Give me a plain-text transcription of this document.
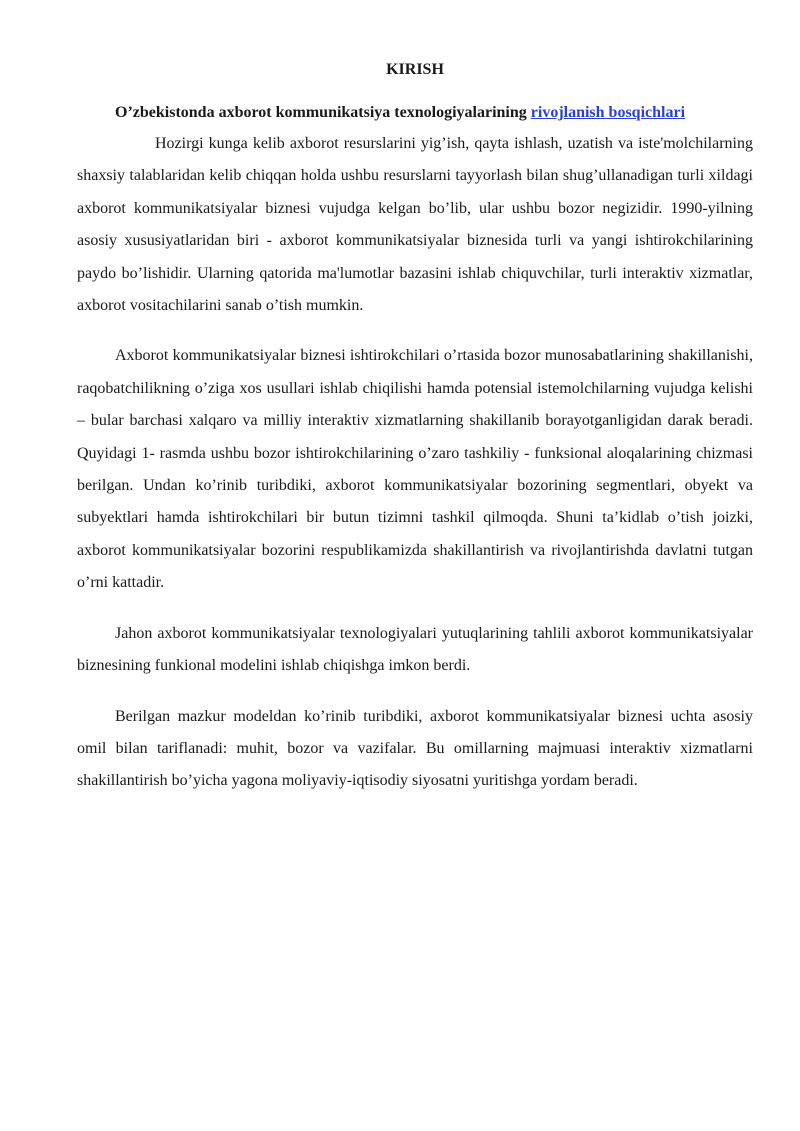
KIRISH

O’zbekistonda axborot kommunikatsiya texnologiyalarining rivojlanish bosqichlari

Hozirgi kunga kelib axborot resurslarini yig’ish, qayta ishlash, uzatish va iste'molchilarning shaxsiy talablaridan kelib chiqqan holda ushbu resurslarni tayyorlash bilan shug’ullanadigan turli xildagi axborot kommunikatsiyalar biznesi vujudga kelgan bo’lib, ular ushbu bozor negizidir. 1990-yilning asosiy xususiyatlaridan biri - axborot kommunikatsiyalar biznesida turli va yangi ishtirokchilarining paydo bo’lishidir. Ularning qatorida ma'lumotlar bazasini ishlab chiquvchilar, turli interaktiv xizmatlar, axborot vositachilarini sanab o’tish mumkin.

Axborot kommunikatsiyalar biznesi ishtirokchilari o’rtasida bozor munosabatlarining shakillanishi, raqobatchilikning o’ziga xos usullari ishlab chiqilishi hamda potensial istemolchilarning vujudga kelishi – bular barchasi xalqaro va milliy interaktiv xizmatlarning shakillanib borayotganligidan darak beradi. Quyidagi 1- rasmda ushbu bozor ishtirokchilarining o’zaro tashkiliy - funksional aloqalarining chizmasi berilgan. Undan ko’rinib turibdiki, axborot kommunikatsiyalar bozorining segmentlari, obyekt va subyektlari hamda ishtirokchilari bir butun tizimni tashkil qilmoqda. Shuni ta’kidlab o’tish joizki, axborot kommunikatsiyalar bozorini respublikamizda shakillantirish va rivojlantirishda davlatni tutgan o’rni kattadir.

Jahon axborot kommunikatsiyalar texnologiyalari yutuqlarining tahlili axborot kommunikatsiyalar biznesining funkional modelini ishlab chiqishga imkon berdi.

Berilgan mazkur modeldan ko’rinib turibdiki, axborot kommunikatsiyalar biznesi uchta asosiy omil bilan tariflanadi: muhit, bozor va vazifalar. Bu omillarning majmuasi interaktiv xizmatlarni shakillantirish bo’yicha yagona moliyaviy-iqtisodiy siyosatni yuritishga yordam beradi.
